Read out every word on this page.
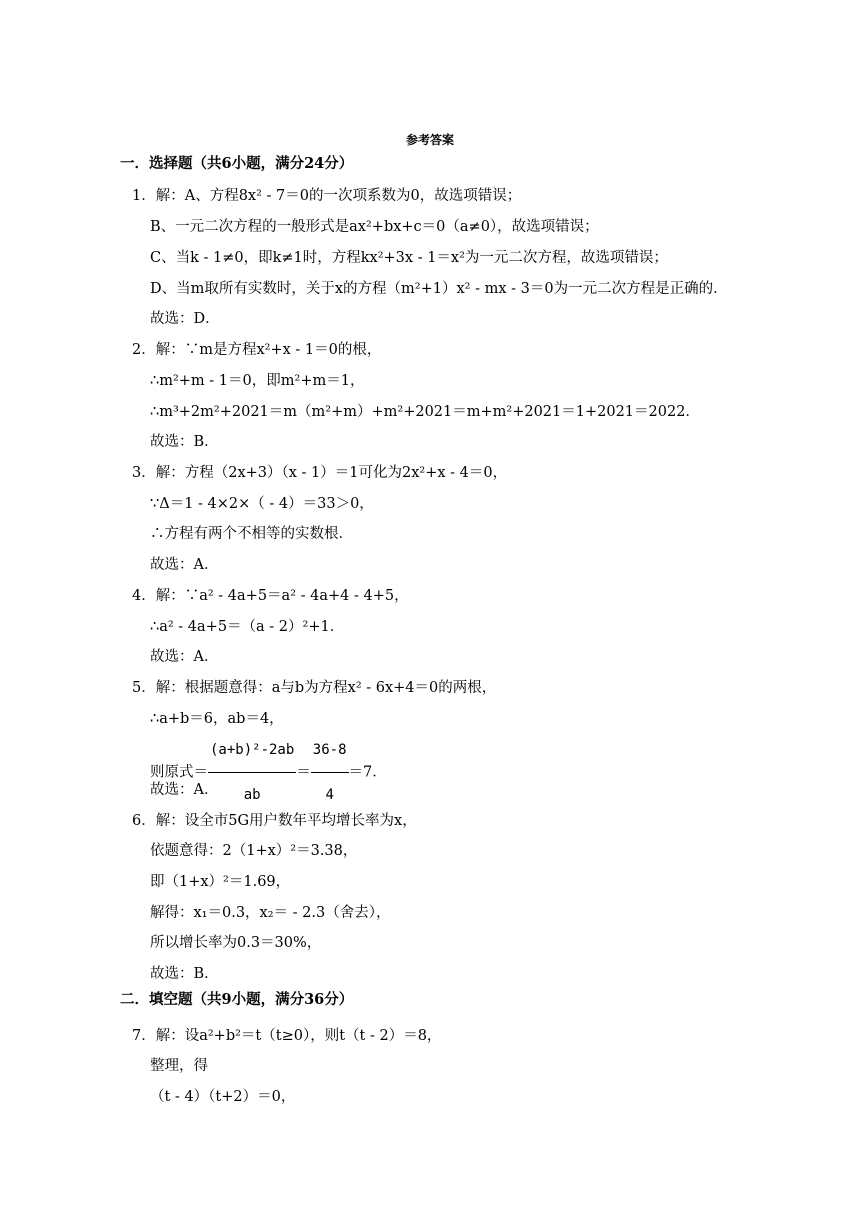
参考答案
一．选择题（共6小题，满分24分）
1．解：A、方程8x² - 7＝0的一次项系数为0，故选项错误；
B、一元二次方程的一般形式是ax²+bx+c＝0（a≠0），故选项错误；
C、当k - 1≠0，即k≠1时，方程kx²+3x - 1＝x²为一元二次方程，故选项错误；
D、当m取所有实数时，关于x的方程（m²+1）x² - mx - 3＝0为一元二次方程是正确的．
故选：D．
2．解：∵m是方程x²+x - 1＝0的根，
∴m²+m - 1＝0，即m²+m＝1，
∴m³+2m²+2021＝m（m²+m）+m²+2021＝m+m²+2021＝1+2021＝2022．
故选：B．
3．解：方程（2x+3）（x - 1）＝1可化为2x²+x - 4＝0，
∵Δ＝1 - 4×2×（ - 4）＝33＞0，
∴方程有两个不相等的实数根．
故选：A．
4．解：∵a² - 4a+5＝a² - 4a+4 - 4+5，
∴a² - 4a+5＝（a - 2）²+1．
故选：A．
5．解：根据题意得：a与b为方程x² - 6x+4＝0的两根，
∴a+b＝6，ab＝4，
则原式＝ $\frac{\text{(a+b)²-2ab}}{ab} = \frac{36-8}{4} =7$．
故选：A．
6．解：设全市5G用户数年平均增长率为x，
依题意得：2（1+x）²＝3.38，
即（1+x）²＝1.69，
解得：x₁＝0.3，x₂＝ - 2.3（舍去），
所以增长率为0.3＝30%，
故选：B．
二．填空题（共9小题，满分36分）
7．解：设a²+b²＝t（t≥0），则t（t - 2）＝8，
整理，得
（t - 4）（t+2）＝0，
